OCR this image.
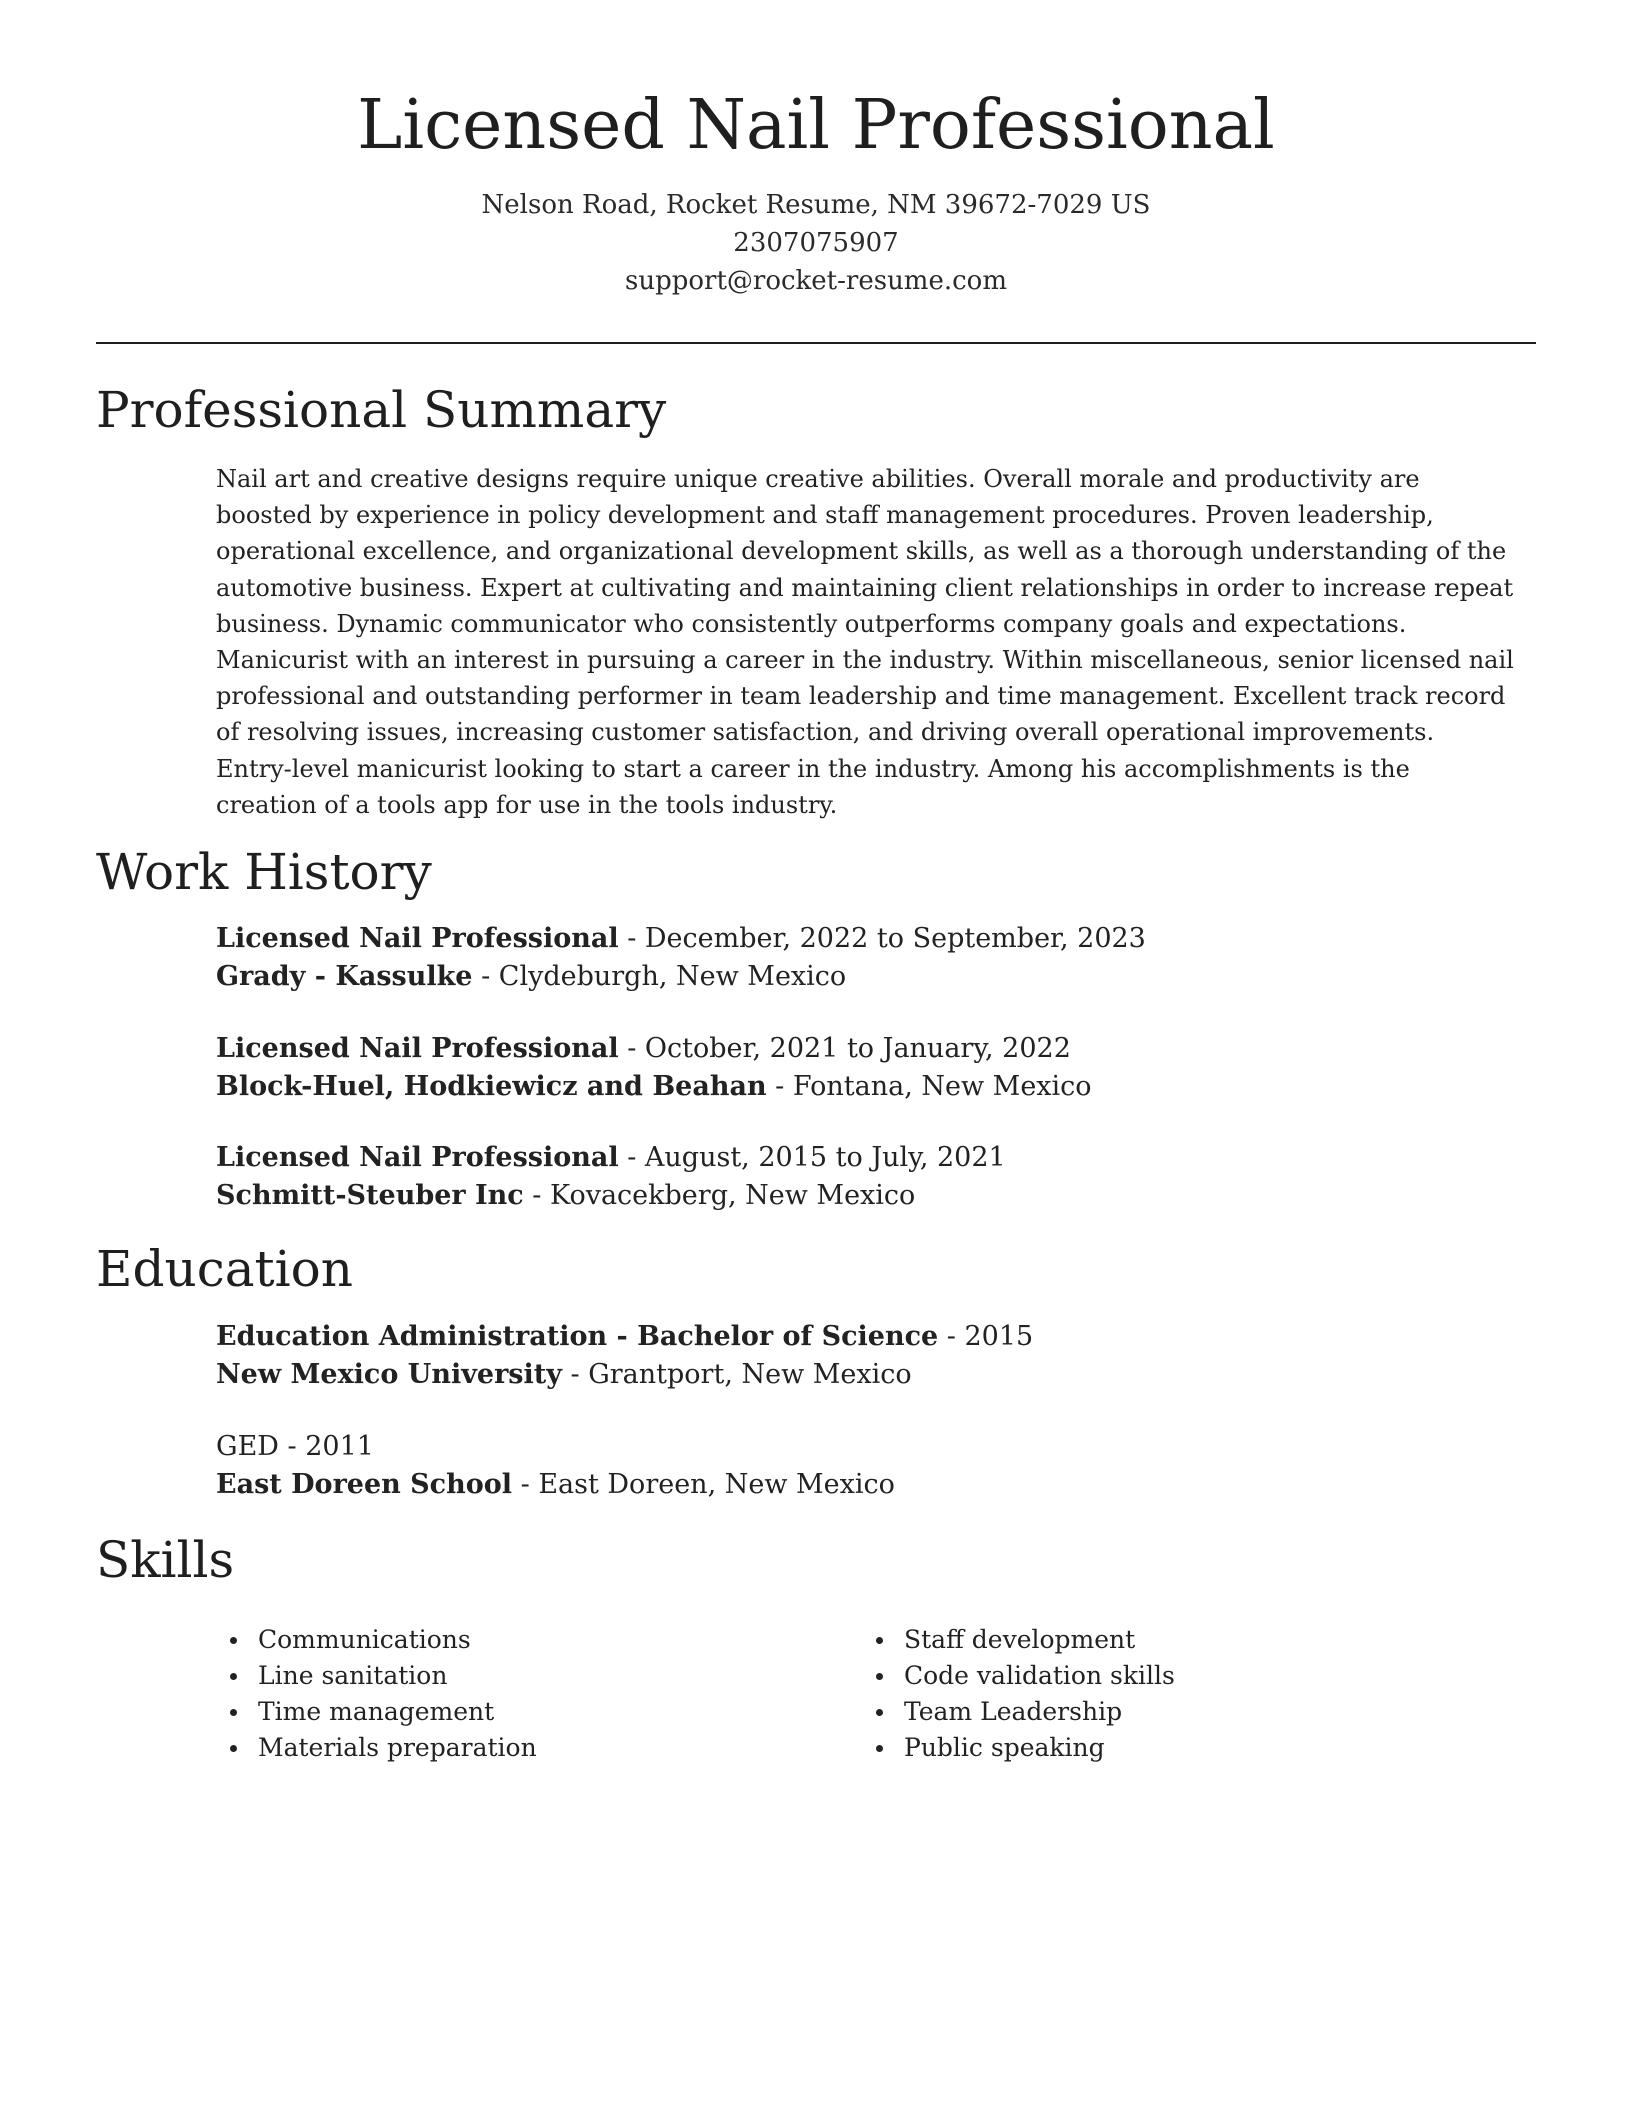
Licensed Nail Professional
Nelson Road, Rocket Resume, NM 39672-7029 US
2307075907
support@rocket-resume.com
Professional Summary

Nail art and creative designs require unique creative abilities. Overall morale and productivity are boosted by experience in policy development and staff management procedures. Proven leadership, operational excellence, and organizational development skills, as well as a thorough understanding of the automotive business. Expert at cultivating and maintaining client relationships in order to increase repeat business. Dynamic communicator who consistently outperforms company goals and expectations. Manicurist with an interest in pursuing a career in the industry. Within miscellaneous, senior licensed nail professional and outstanding performer in team leadership and time management. Excellent track record of resolving issues, increasing customer satisfaction, and driving overall operational improvements. Entry-level manicurist looking to start a career in the industry. Among his accomplishments is the creation of a tools app for use in the tools industry.

Work History
Licensed Nail Professional - December, 2022 to September, 2023
Grady - Kassulke - Clydeburgh, New Mexico
Licensed Nail Professional - October, 2021 to January, 2022
Block-Huel, Hodkiewicz and Beahan - Fontana, New Mexico
Licensed Nail Professional - August, 2015 to July, 2021
Schmitt-Steuber Inc - Kovacekberg, New Mexico
Education
Education Administration - Bachelor of Science - 2015
New Mexico University - Grantport, New Mexico
GED - 2011
East Doreen School - East Doreen, New Mexico
Skills
Communications
Line sanitation
Time management
Materials preparation
Staff development
Code validation skills
Team Leadership
Public speaking
